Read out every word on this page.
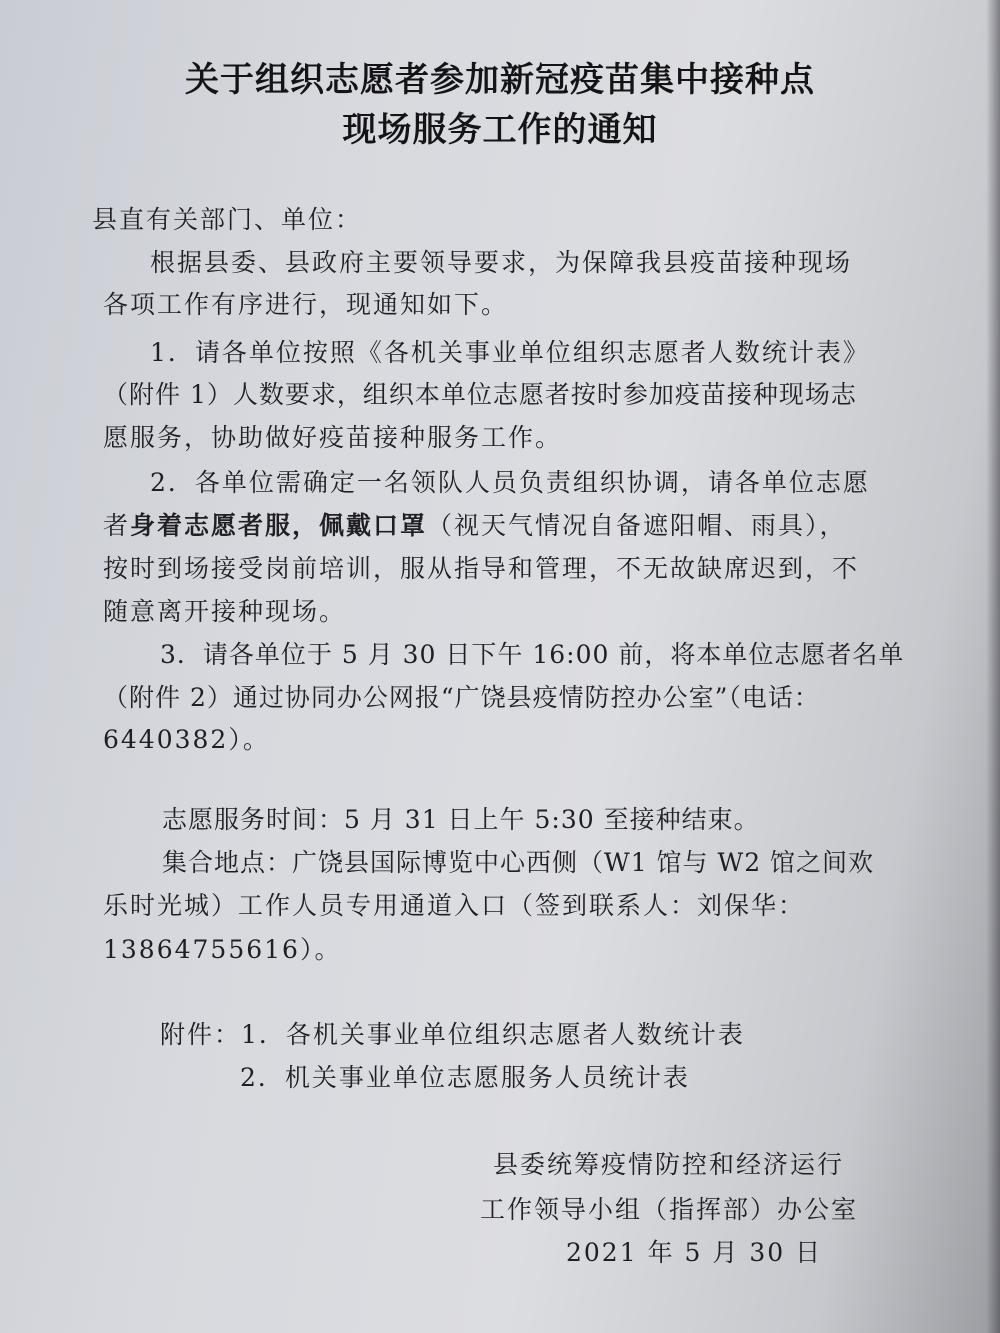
关于组织志愿者参加新冠疫苗集中接种点
现场服务工作的通知
县直有关部门、单位：
根据县委、县政府主要领导要求，为保障我县疫苗接种现场
各项工作有序进行，现通知如下。
1．请各单位按照《各机关事业单位组织志愿者人数统计表》
（附件 1）人数要求，组织本单位志愿者按时参加疫苗接种现场志
愿服务，协助做好疫苗接种服务工作。
2．各单位需确定一名领队人员负责组织协调，请各单位志愿
者身着志愿者服，佩戴口罩（视天气情况自备遮阳帽、雨具），
按时到场接受岗前培训，服从指导和管理，不无故缺席迟到，不
随意离开接种现场。
3．请各单位于 5 月 30 日下午 16:00 前，将本单位志愿者名单
（附件 2）通过协同办公网报“广饶县疫情防控办公室”（电话：
6440382）。
志愿服务时间：5 月 31 日上午 5:30 至接种结束。
集合地点：广饶县国际博览中心西侧（W1 馆与 W2 馆之间欢
乐时光城）工作人员专用通道入口（签到联系人：刘保华：
13864755616）。
附件：1．各机关事业单位组织志愿者人数统计表
2．机关事业单位志愿服务人员统计表
县委统筹疫情防控和经济运行
工作领导小组（指挥部）办公室
2021 年 5 月 30 日
